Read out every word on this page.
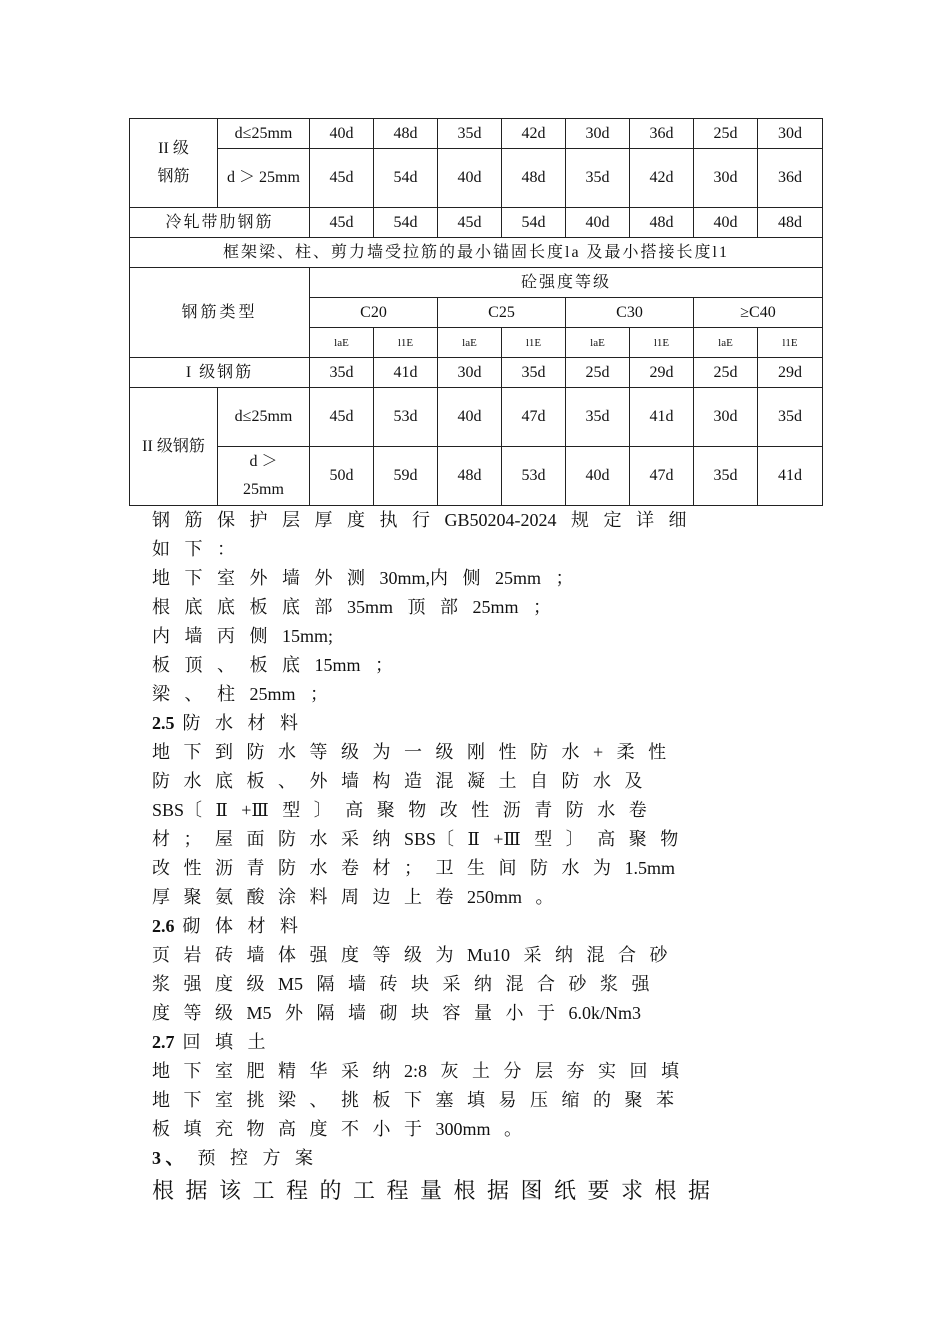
II 级
钢筋	d≤25mm	40d	48d	35d	42d	30d	36d	25d	30d
	d ＞ 25mm	45d	54d	40d	48d	35d	42d	30d	36d
冷轧带肋钢筋		45d	54d	45d	54d	40d	48d	40d	48d
框架梁、柱、剪力墙受拉筋的最小锚固长度la 及最小搭接长度l1									
钢筋类型		砼强度等级							
		C20		C25		C30		≥C40	
		laE	l1E	laE	l1E	laE	l1E	laE	l1E
I 级钢筋		35d	41d	30d	35d	25d	29d	25d	29d
II 级钢筋	d≤25mm	45d	53d	40d	47d	35d	41d	30d	35d
	d ＞ 25mm	50d	59d	48d	53d	40d	47d	35d	41d
钢 筋 保 护 层 厚 度 执 行 GB50204-2024 规 定 详 细
如 下 ：
地 下 室 外 墙 外 测 30mm,内 侧 25mm ；
根 底 底 板 底 部 35mm 顶 部 25mm ；
内 墙 丙 侧 15mm;
板 顶 、 板 底 15mm ；
梁 、 柱 25mm ；
2.5 防 水 材 料
地 下 到 防 水 等 级 为 一 级 刚 性 防 水 + 柔 性
防 水 底 板 、 外 墙 构 造 混 凝 土 自 防 水 及
SBS〔 Ⅱ +Ⅲ 型 〕 高 聚 物 改 性 沥 青 防 水 卷
材 ； 屋 面 防 水 采 纳 SBS〔 Ⅱ +Ⅲ 型 〕 高 聚 物
改 性 沥 青 防 水 卷 材 ； 卫 生 间 防 水 为 1.5mm
厚 聚 氨 酸 涂 料 周 边 上 卷 250mm 。
2.6 砌 体 材 料
页 岩 砖 墙 体 强 度 等 级 为 Mu10 采 纳 混 合 砂
浆 强 度 级 M5 隔 墙 砖 块 采 纳 混 合 砂 浆 强
度 等 级 M5 外 隔 墙 砌 块 容 量 小 于 6.0k/Nm3
2.7 回 填 土
地 下 室 肥 精 华 采 纳 2:8 灰 土 分 层 夯 实 回 填
地 下 室 挑 梁 、 挑 板 下 塞 填 易 压 缩 的 聚 苯
板 填 充 物 高 度 不 小 于 300mm 。
3 、 预 控 方 案
根 据 该 工 程 的 工 程 量 根 据 图 纸 要 求 根 据
